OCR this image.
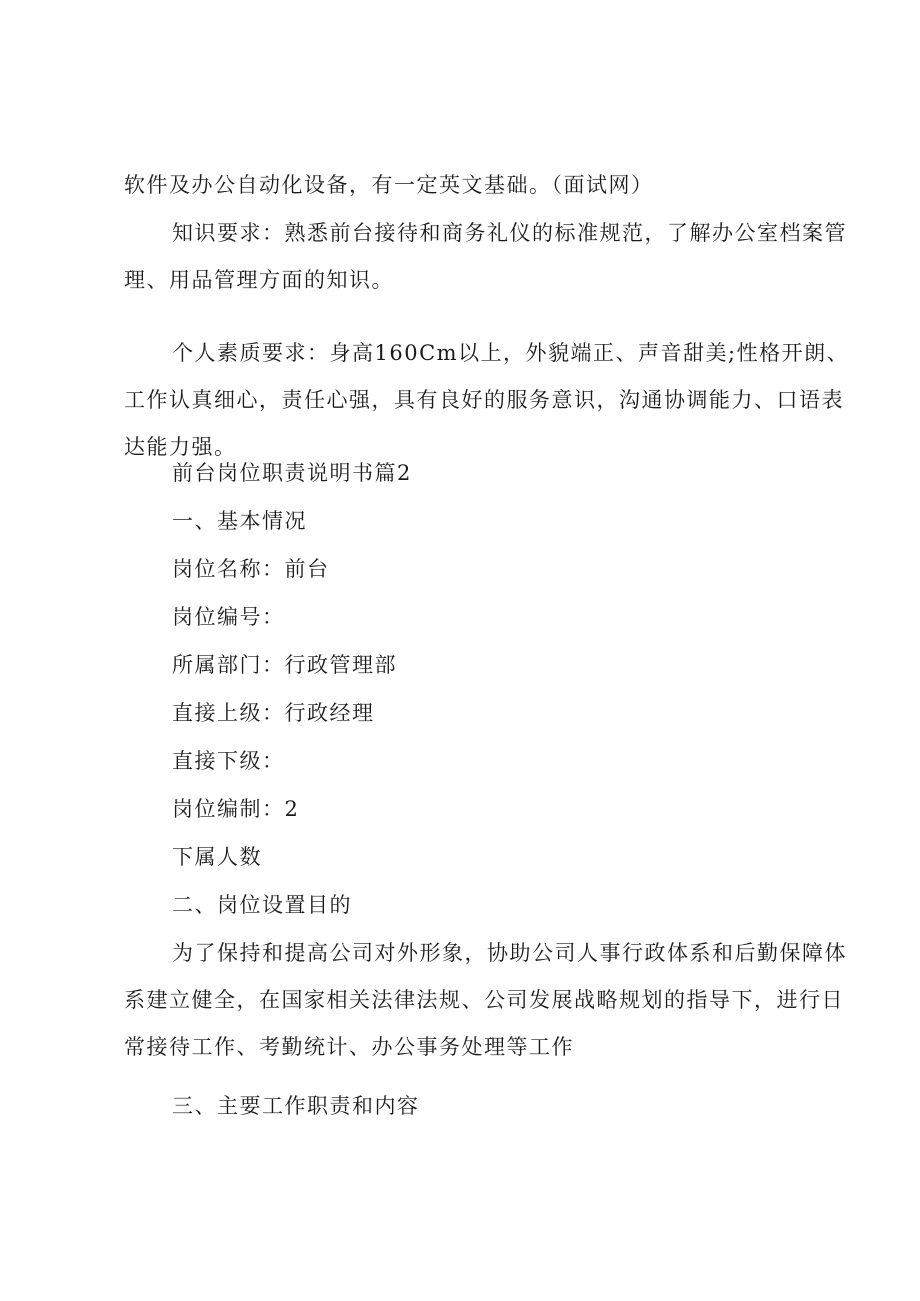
软件及办公自动化设备，有一定英文基础。（面试网）
知识要求：熟悉前台接待和商务礼仪的标准规范，了解办公室档案管
理、用品管理方面的知识。
个人素质要求：身高160Cm以上，外貌端正、声音甜美;性格开朗、
工作认真细心，责任心强，具有良好的服务意识，沟通协调能力、口语表
达能力强。
前台岗位职责说明书篇2
一、基本情况
岗位名称：前台
岗位编号：
所属部门：行政管理部
直接上级：行政经理
直接下级：
岗位编制：2
下属人数
二、岗位设置目的
为了保持和提高公司对外形象，协助公司人事行政体系和后勤保障体
系建立健全，在国家相关法律法规、公司发展战略规划的指导下，进行日
常接待工作、考勤统计、办公事务处理等工作
三、主要工作职责和内容
